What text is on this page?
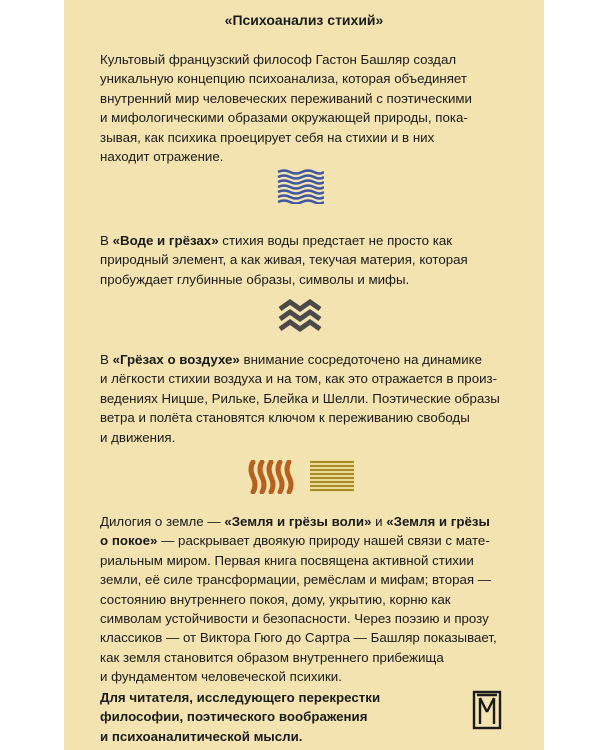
«Психоанализ стихий»
Культовый французский философ Гастон Башляр создал
уникальную концепцию психоанализа, которая объединяет
внутренний мир человеческих переживаний с поэтическими
и мифологическими образами окружающей природы, пока-
зывая, как психика проецирует себя на стихии и в них
находит отражение.
В «Воде и грёзах» стихия воды предстает не просто как
природный элемент, а как живая, текучая материя, которая
пробуждает глубинные образы, символы и мифы.
В «Грёзах о воздухе» внимание сосредоточено на динамике
и лёгкости стихии воздуха и на том, как это отражается в произ-
ведениях Ницше, Рильке, Блейка и Шелли. Поэтические образы
ветра и полёта становятся ключом к переживанию свободы
и движения.
Дилогия о земле — «Земля и грёзы воли» и «Земля и грёзы
о покое» — раскрывает двоякую природу нашей связи с мате-
риальным миром. Первая книга посвящена активной стихии
земли, её силе трансформации, ремёслам и мифам; вторая —
состоянию внутреннего покоя, дому, укрытию, корню как
символам устойчивости и безопасности. Через поэзию и прозу
классиков — от Виктора Гюго до Сартра — Башляр показывает,
как земля становится образом внутреннего прибежища
и фундаментом человеческой психики.
Для читателя, исследующего перекрестки
философии, поэтического воображения
и психоаналитической мысли.
